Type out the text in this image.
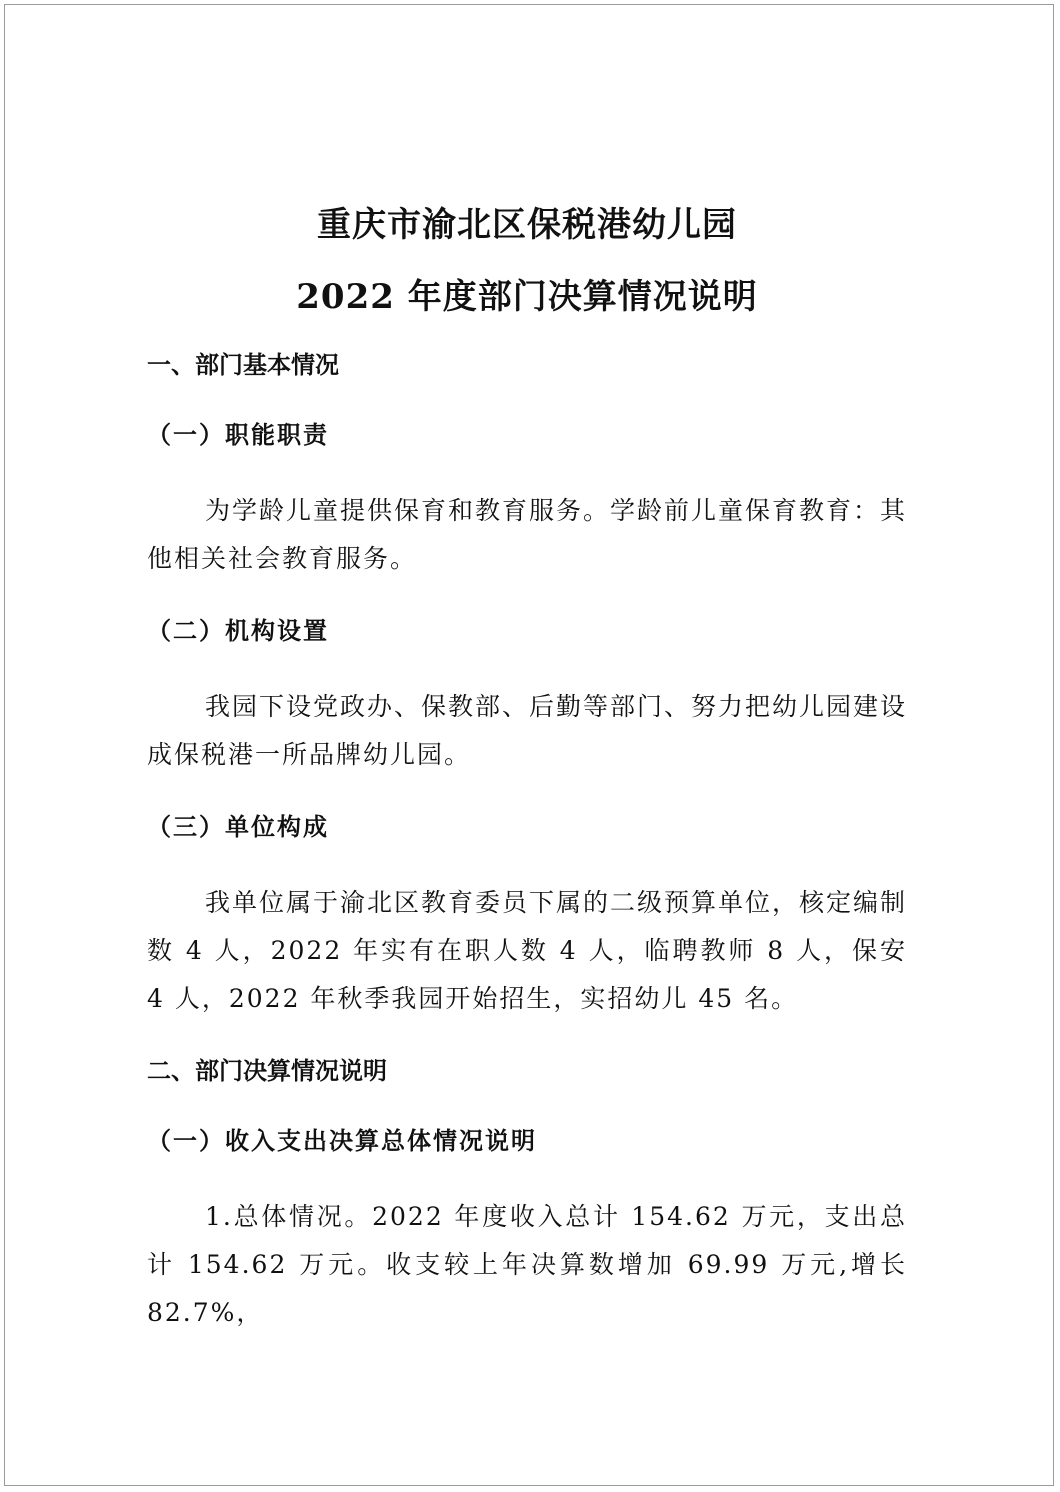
重庆市渝北区保税港幼儿园

2022 年度部门决算情况说明

一、部门基本情况

（一）职能职责

为学龄儿童提供保育和教育服务。学龄前儿童保育教育：其他相关社会教育服务。

（二）机构设置

我园下设党政办、保教部、后勤等部门、努力把幼儿园建设成保税港一所品牌幼儿园。

（三）单位构成

我单位属于渝北区教育委员下属的二级预算单位，核定编制数 4 人，2022 年实有在职人数 4 人，临聘教师 8 人，保安 4 人，2022 年秋季我园开始招生，实招幼儿 45 名。

二、部门决算情况说明

（一）收入支出决算总体情况说明

1.总体情况。2022 年度收入总计 154.62 万元，支出总计 154.62 万元。收支较上年决算数增加 69.99 万元,增长 82.7%，
